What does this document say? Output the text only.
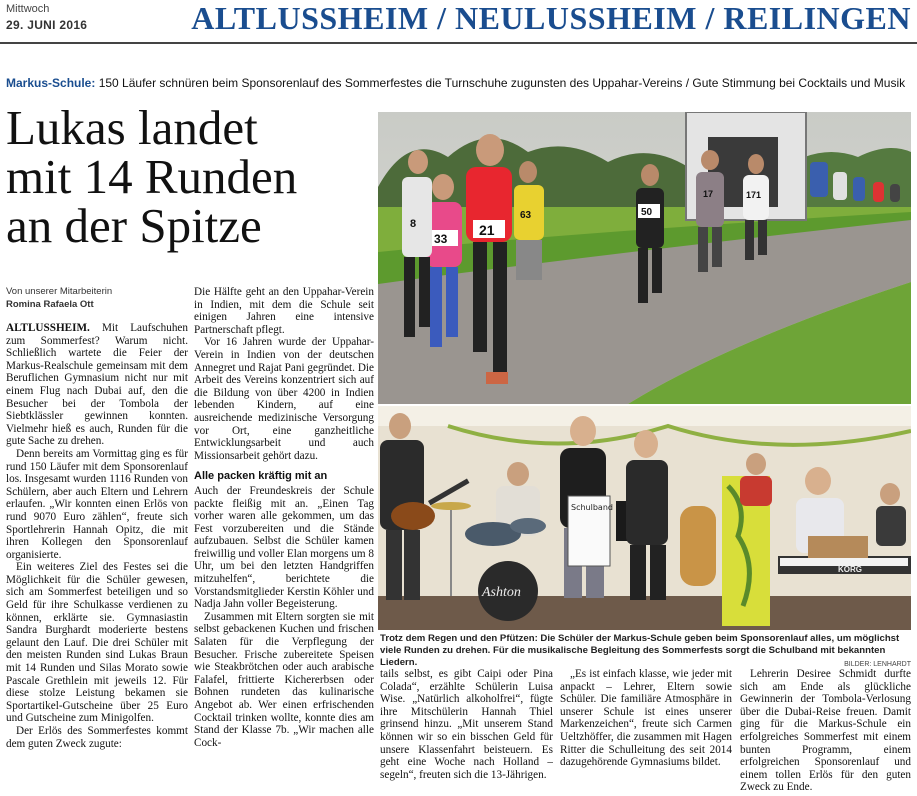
Mittwoch
29. JUNI 2016	ALTLUSSHEIM / NEULUSSHEIM / REILINGEN
Markus-Schule: 150 Läufer schnüren beim Sponsorenlauf des Sommerfestes die Turnschuhe zugunsten des Uppahar-Vereins / Gute Stimmung bei Cocktails und Musik
Lukas landet
mit 14 Runden
an der Spitze
Von unserer Mitarbeiterin
Romina Rafaela Ott

ALTLUSSHEIM. Mit Laufschuhen zum Sommerfest? Warum nicht. Schließlich wartete die Feier der Markus-Realschule gemeinsam mit dem Beruflichen Gymnasium nicht nur mit einem Flug nach Dubai auf, den die Besucher bei der Tombola der Siebtklässler gewinnen konnten. Vielmehr hieß es auch, Runden für die gute Sache zu drehen.

Denn bereits am Vormittag ging es für rund 150 Läufer mit dem Sponsorenlauf los. Insgesamt wurden 1116 Runden von Schülern, aber auch Eltern und Lehrern erlaufen. „Wir konnten einen Erlös von rund 9070 Euro zählen“, freute sich Sportlehrerin Hannah Opitz, die mit ihren Kollegen den Sponsorenlauf organisierte.

Ein weiteres Ziel des Festes sei die Möglichkeit für die Schüler gewesen, sich am Sommerfest beteiligen und so Geld für ihre Schulkasse verdienen zu können, erklärte sie. Gymnasiastin Sandra Burghardt moderierte bestens gelaunt den Lauf. Die drei Schüler mit den meisten Runden sind Lukas Braun mit 14 Runden und Silas Morato sowie Pascale Grethlein mit jeweils 12. Für diese stolze Leistung bekamen sie Sportartikel-Gutscheine über 25 Euro und Gutscheine zum Minigolfen.

Der Erlös des Sommerfestes kommt dem guten Zweck zugute:

Die Hälfte geht an den Uppahar-Verein in Indien, mit dem die Schule seit einigen Jahren eine intensive Partnerschaft pflegt.

Vor 16 Jahren wurde der Uppahar-Verein in Indien von der deutschen Annegret und Rajat Pani gegründet. Die Arbeit des Vereins konzentriert sich auf die Bildung von über 4200 in Indien lebenden Kindern, auf eine ausreichende medizinische Versorgung vor Ort, eine ganzheitliche Entwicklungsarbeit und auch Missionsarbeit gehört dazu.

Alle packen kräftig mit an

Auch der Freundeskreis der Schule packte fleißig mit an. „Einen Tag vorher waren alle gekommen, um das Fest vorzubereiten und die Stände aufzubauen. Selbst die Schüler kamen freiwillig und voller Elan morgens um 8 Uhr, um bei den letzten Handgriffen mitzuhelfen“, berichtete die Vorstandsmitglieder Kerstin Köhler und Nadja Jahn voller Begeisterung.

Zusammen mit Eltern sorgten sie mit selbst gebackenen Kuchen und frischen Salaten für die Verpflegung der Besucher. Frische zubereitete Speisen wie Steakbrötchen oder auch arabische Falafel, frittierte Kichererbsen oder Bohnen rundeten das kulinarische Angebot ab. Wer einen erfrischenden Cocktail trinken wollte, konnte dies am Stand der Klasse 7b. „Wir machen alle Cock-

21
33
8
63	50
17	171
Ashton
Schulband
KORG
Trotz dem Regen und den Pfützen: Die Schüler der Markus-Schule geben beim Sponsorenlauf alles, um möglichst viele Runden zu drehen. Für die musikalische Begleitung des Sommerfests sorgt die Schulband mit bekannten Liedern.	BILDER: LENHARDT

tails selbst, es gibt Caipi oder Pina Colada“, erzählte Schülerin Luisa Wise. „Natürlich alkoholfrei“, fügte ihre Mitschülerin Hannah Thiel grinsend hinzu. „Mit unserem Stand können wir so ein bisschen Geld für unsere Klassenfahrt beisteuern. Es geht eine Woche nach Holland – segeln“, freuten sich die 13-Jährigen.

„Es ist einfach klasse, wie jeder mit anpackt – Lehrer, Eltern sowie Schüler. Die familiäre Atmosphäre in unserer Schule ist eines unserer Markenzeichen“, freute sich Carmen Ueltzhöffer, die zusammen mit Hagen Ritter die Schulleitung des seit 2014 dazugehörende Gymnasiums bildet.

Lehrerin Desiree Schmidt durfte sich am Ende als glückliche Gewinnerin der Tombola-Verlosung über die Dubai-Reise freuen. Damit ging für die Markus-Schule ein erfolgreiches Sommerfest mit einem bunten Programm, einem erfolgreichen Sponsorenlauf und einem tollen Erlös für den guten Zweck zu Ende.
